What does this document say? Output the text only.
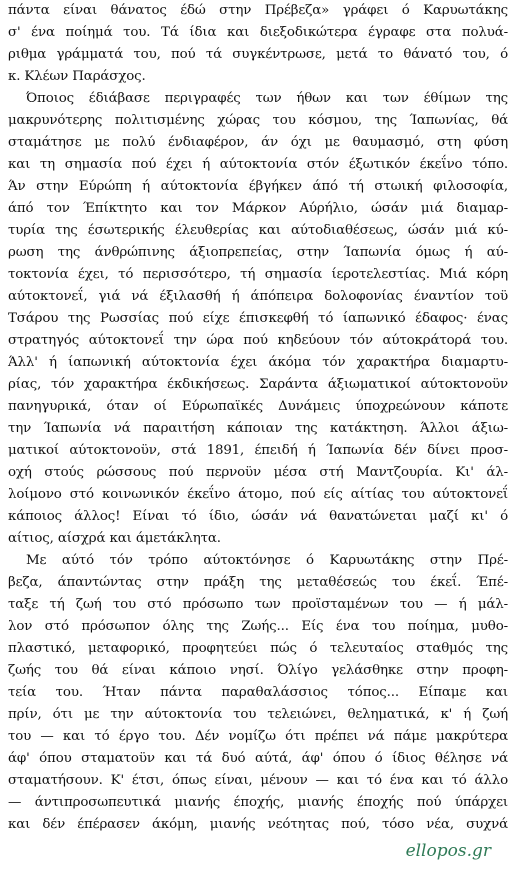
πάντα είναι θάνατος έδώ στην Πρέβεζα» γράφει ό Καρυωτάκης
σ' ένα ποίημά του. Τά ίδια και διεξοδικώτερα έγραφε στα πολυά-
ριθμα γράμματά του, πού τά συγκέντρωσε, μετά το θάνατό του, ό
κ. Κλέων Παράσχος.
Όποιος έδιάβασε περιγραφές των ήθων και των έθίμων της
μακρυνότερης πολιτισμένης χώρας του κόσμου, της Ίαπωνίας, θά
σταμάτησε με πολύ ένδιαφέρον, άν όχι με θαυμασμό, στη φύση
και τη σημασία πού έχει ή αύτοκτονία στόν έξωτικόν έκεΐνο τόπο.
Άν στην Εύρώπη ή αύτοκτονία έβγήκεν άπό τή στωική φιλοσοφία,
άπό τον Έπίκτητο και τον Μάρκον Αύρήλιο, ώσάν μιά διαμαρ-
τυρία της έσωτερικής έλευθερίας και αύτοδιαθέσεως, ώσάν μιά κύ-
ρωση της άνθρώπινης άξιοπρεπείας, στην Ίαπωνία όμως ή αύ-
τοκτονία έχει, τό περισσότερο, τή σημασία ίεροτελεστίας. Μιά κόρη
αύτοκτονεΐ, γιά νά έξιλασθή ή άπόπειρα δολοφονίας έναντίον τοϋ
Τσάρου της Ρωσσίας πού είχε έπισκεφθή τό ίαπωνικό έδαφος· ένας
στρατηγός αύτοκτονεΐ την ώρα πού κηδεύουν τόν αύτοκράτορά του.
Άλλ' ή ίαπωνική αύτοκτονία έχει άκόμα τόν χαρακτήρα διαμαρτυ-
ρίας, τόν χαρακτήρα έκδικήσεως. Σαράντα άξιωματικοί αύτοκτονοϋν
πανηγυρικά, όταν οί Εύρωπαϊκές Δυνάμεις ύποχρεώνουν κάποτε
την Ίαπωνία νά παραιτήση κάποιαν της κατάκτηση. Άλλοι άξιω-
ματικοί αύτοκτονοϋν, στά 1891, έπειδή ή Ίαπωνία δέν δίνει προσ-
οχή στούς ρώσσους πού περνοϋν μέσα στή Μαντζουρία. Κι' άλ-
λοίμονο στό κοινωνικόν έκεΐνο άτομο, πού είς αίτίας του αύτοκτονεΐ
κάποιος άλλος! Είναι τό ίδιο, ώσάν νά θανατώνεται μαζί κι' ό
αίτιος, αίσχρά και άμετάκλητα.
Με αύτό τόν τρόπο αύτοκτόνησε ό Καρυωτάκης στην Πρέ-
βεζα, άπαντώντας στην πράξη της μεταθέσεώς του έκεΐ. Έπέ-
ταξε τή ζωή του στό πρόσωπο των προϊσταμένων του — ή μάλ-
λον στό πρόσωπον όλης της Ζωής... Είς ένα του ποίημα, μυθο-
πλαστικό, μεταφορικό, προφητεύει πώς ό τελευταίος σταθμός της
ζωής του θά είναι κάποιο νησί. Όλίγο γελάσθηκε στην προφη-
τεία του. Ήταν πάντα παραθαλάσσιος τόπος... Είπαμε και
πρίν, ότι με την αύτοκτονία του τελειώνει, θεληματικά, κ' ή ζωή
του — και τό έργο του. Δέν νομίζω ότι πρέπει νά πάμε μακρύτερα
άφ' όπου σταματοϋν και τά δυό αύτά, άφ' όπου ό ίδιος θέλησε νά
σταματήσουν. Κ' έτσι, όπως είναι, μένουν — και τό ένα και τό άλλο
— άντιπροσωπευτικά μιανής έποχής, μιανής έποχής πού ύπάρχει
και δέν έπέρασεν άκόμη, μιανής νεότητας πού, τόσο νέα, συχνά
ellopos.gr
